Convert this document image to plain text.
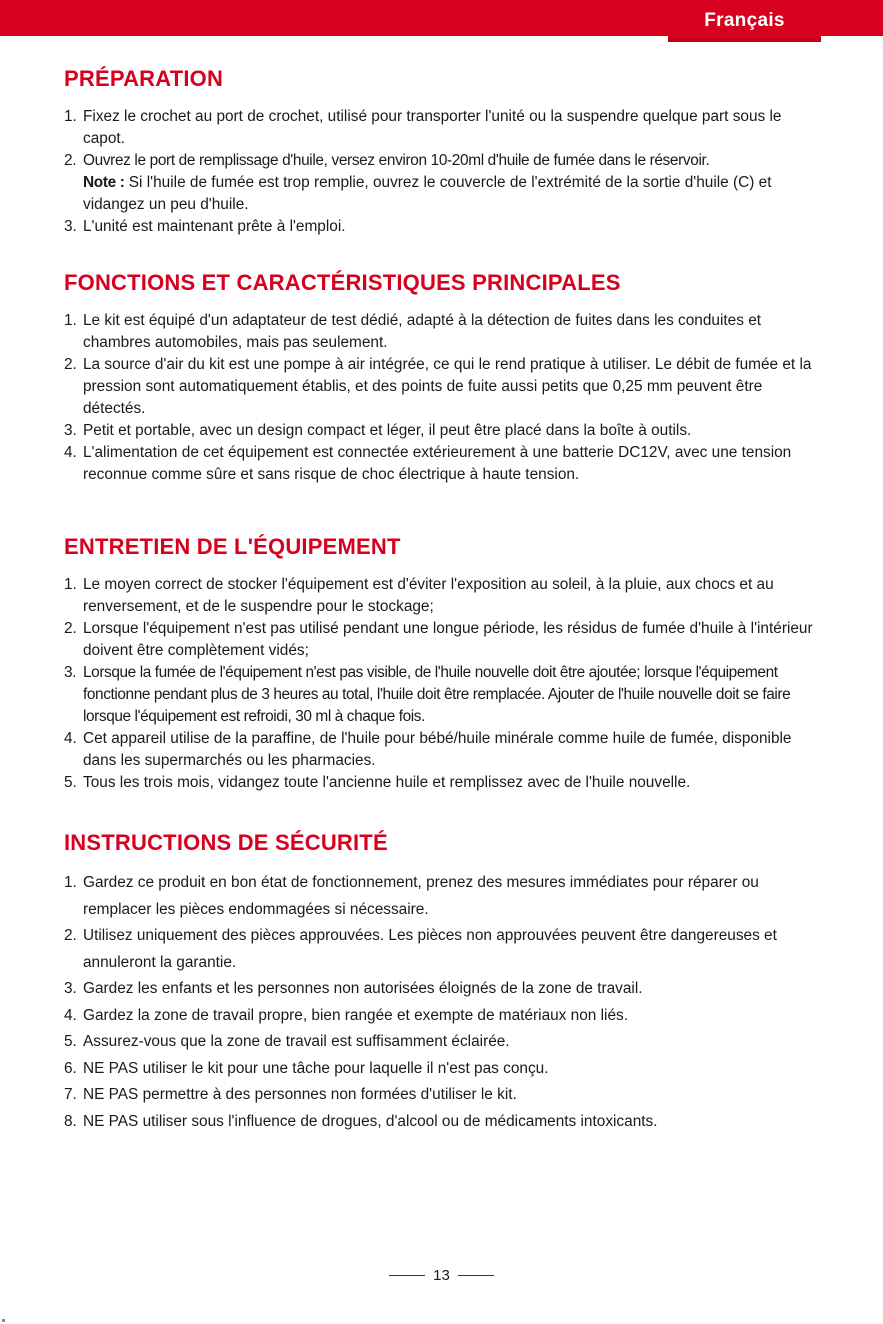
Français
PRÉPARATION
1. Fixez le crochet au port de crochet, utilisé pour transporter l'unité ou la suspendre quelque part sous le capot.
2. Ouvrez le port de remplissage d'huile, versez environ 10-20ml d'huile de fumée dans le réservoir.
Note : Si l'huile de fumée est trop remplie, ouvrez le couvercle de l'extrémité de la sortie d'huile (C) et vidangez un peu d'huile.
3. L'unité est maintenant prête à l'emploi.
FONCTIONS ET CARACTÉRISTIQUES PRINCIPALES
1. Le kit est équipé d'un adaptateur de test dédié, adapté à la détection de fuites dans les conduites et chambres automobiles, mais pas seulement.
2. La source d'air du kit est une pompe à air intégrée, ce qui le rend pratique à utiliser. Le débit de fumée et la pression sont automatiquement établis, et des points de fuite aussi petits que 0,25 mm peuvent être détectés.
3. Petit et portable, avec un design compact et léger, il peut être placé dans la boîte à outils.
4. L'alimentation de cet équipement est connectée extérieurement à une batterie DC12V, avec une tension reconnue comme sûre et sans risque de choc électrique à haute tension.
ENTRETIEN DE L'ÉQUIPEMENT
1. Le moyen correct de stocker l'équipement est d'éviter l'exposition au soleil, à la pluie, aux chocs et au renversement, et de le suspendre pour le stockage;
2. Lorsque l'équipement n'est pas utilisé pendant une longue période, les résidus de fumée d'huile à l'intérieur doivent être complètement vidés;
3. Lorsque la fumée de l'équipement n'est pas visible, de l'huile nouvelle doit être ajoutée; lorsque l'équipement fonctionne pendant plus de 3 heures au total, l'huile doit être remplacée. Ajouter de l'huile nouvelle doit se faire lorsque l'équipement est refroidi, 30 ml à chaque fois.
4. Cet appareil utilise de la paraffine, de l'huile pour bébé/huile minérale comme huile de fumée, disponible dans les supermarchés ou les pharmacies.
5. Tous les trois mois, vidangez toute l'ancienne huile et remplissez avec de l'huile nouvelle.
INSTRUCTIONS DE SÉCURITÉ
1. Gardez ce produit en bon état de fonctionnement, prenez des mesures immédiates pour réparer ou remplacer les pièces endommagées si nécessaire.
2. Utilisez uniquement des pièces approuvées. Les pièces non approuvées peuvent être dangereuses et annuleront la garantie.
3. Gardez les enfants et les personnes non autorisées éloignés de la zone de travail.
4. Gardez la zone de travail propre, bien rangée et exempte de matériaux non liés.
5. Assurez-vous que la zone de travail est suffisamment éclairée.
6. NE PAS utiliser le kit pour une tâche pour laquelle il n'est pas conçu.
7. NE PAS permettre à des personnes non formées d'utiliser le kit.
8. NE PAS utiliser sous l'influence de drogues, d'alcool ou de médicaments intoxicants.
13
